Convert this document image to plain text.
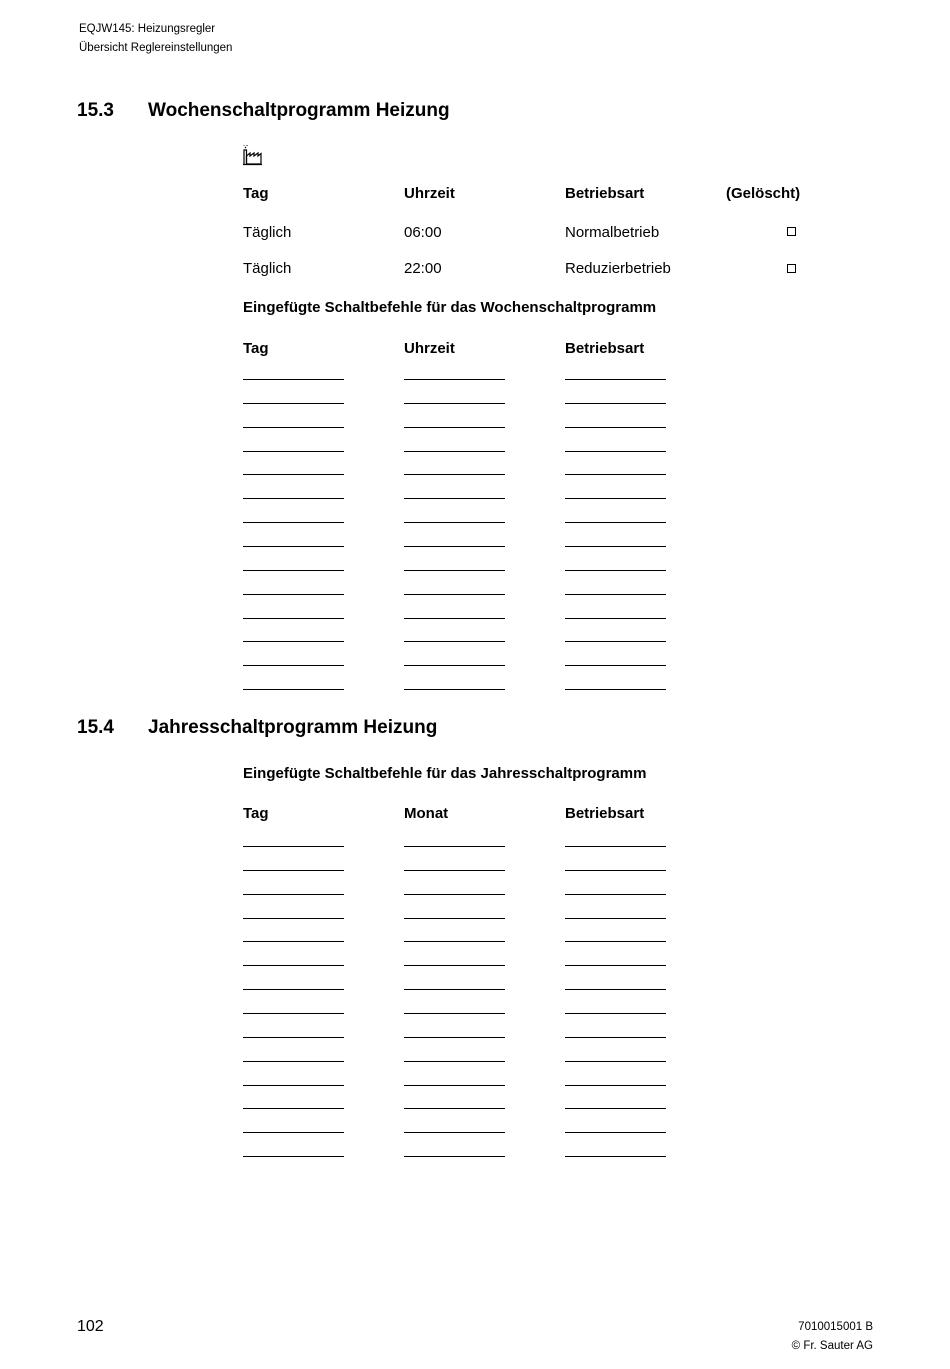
EQJW145: Heizungsregler
Übersicht Reglereinstellungen
15.3 Wochenschaltprogramm Heizung
Tag	Uhrzeit	Betriebsart	(Gelöscht)
Täglich	06:00	Normalbetrieb
Täglich	22:00	Reduzierbetrieb
Eingefügte Schaltbefehle für das Wochenschaltprogramm
Tag	Uhrzeit	Betriebsart
15.4 Jahresschaltprogramm Heizung
Eingefügte Schaltbefehle für das Jahresschaltprogramm
Tag	Monat	Betriebsart
102	7010015001 B
© Fr. Sauter AG
